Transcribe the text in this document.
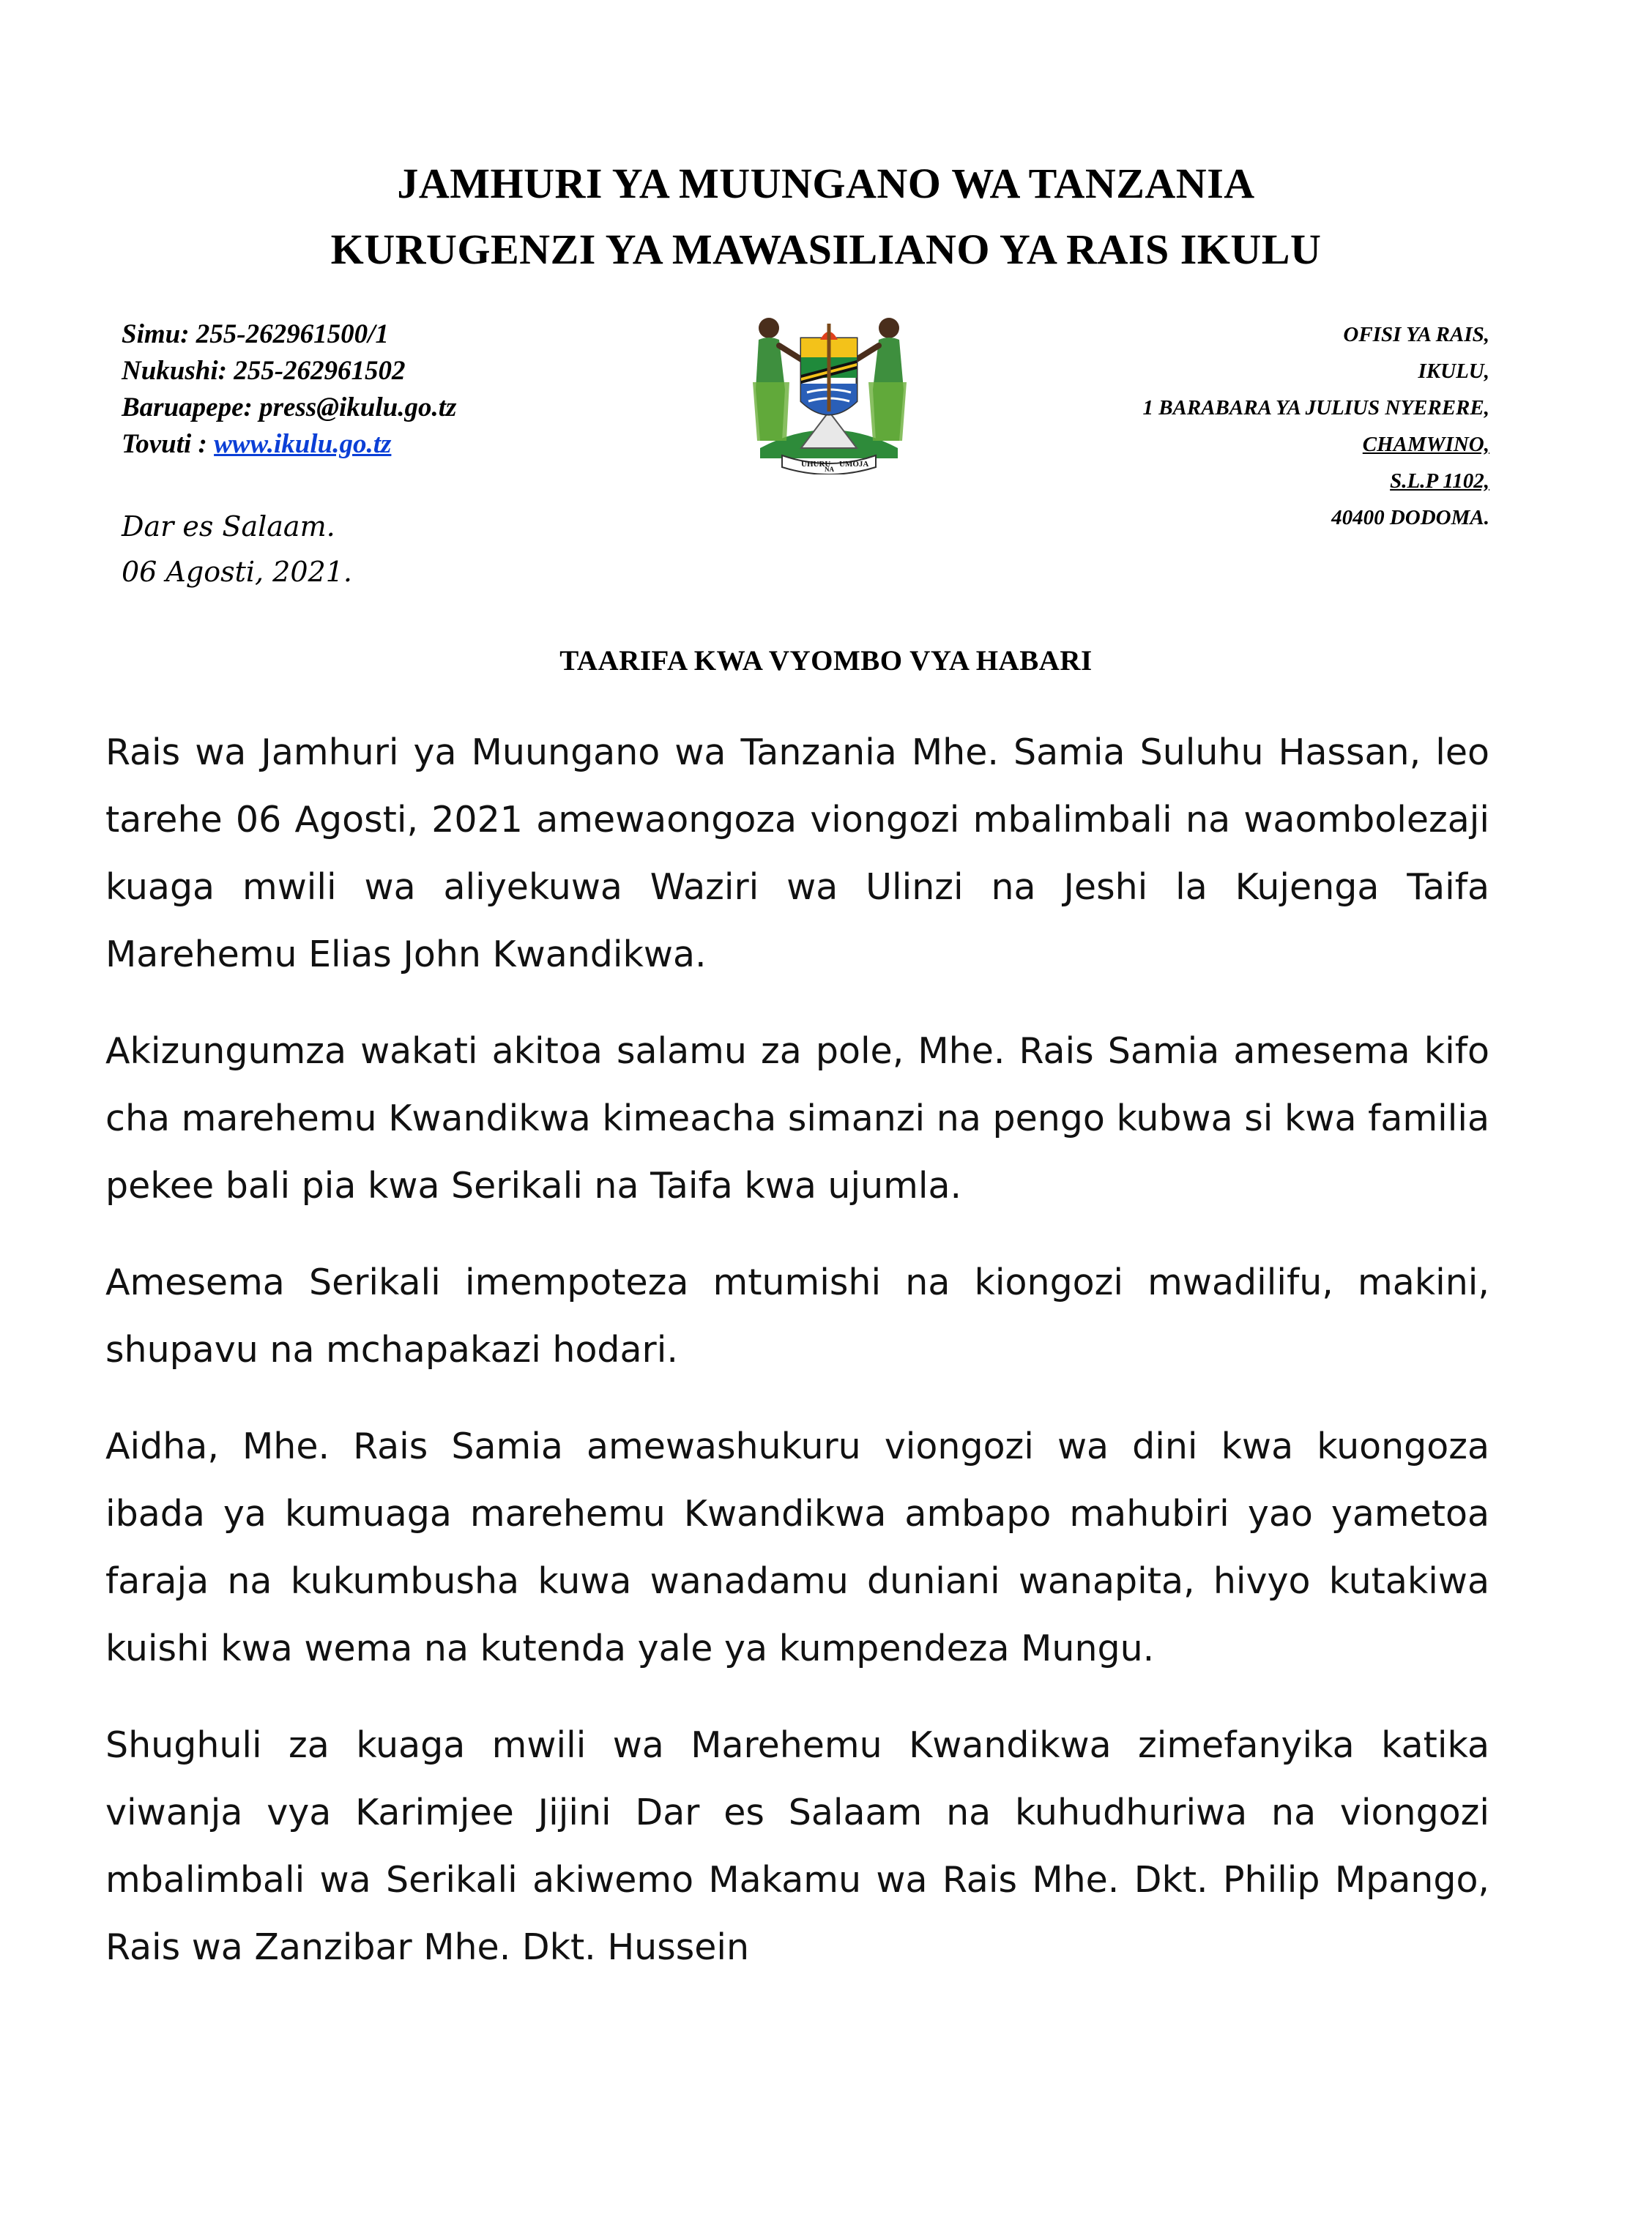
JAMHURI YA MUUNGANO WA TANZANIA
KURUGENZI YA MAWASILIANO YA RAIS IKULU
Simu: 255-262961500/1
Nukushi: 255-262961502
Baruapepe: press@ikulu.go.tz
Tovuti : www.ikulu.go.tz
UHURU
NA
UMOJA
OFISI YA RAIS,
IKULU,
1 BARABARA YA JULIUS NYERERE,
CHAMWINO,
S.L.P 1102,
40400 DODOMA.
Dar es Salaam.
06 Agosti, 2021.
TAARIFA KWA VYOMBO VYA HABARI

Rais wa Jamhuri ya Muungano wa Tanzania Mhe. Samia Suluhu Hassan, leo tarehe 06 Agosti, 2021 amewaongoza viongozi mbalimbali na waombolezaji kuaga mwili wa aliyekuwa Waziri wa Ulinzi na Jeshi la Kujenga Taifa Marehemu Elias John Kwandikwa.

Akizungumza wakati akitoa salamu za pole, Mhe. Rais Samia amesema kifo cha marehemu Kwandikwa kimeacha simanzi na pengo kubwa si kwa familia pekee bali pia kwa Serikali na Taifa kwa ujumla.

Amesema Serikali imempoteza mtumishi na kiongozi mwadilifu, makini, shupavu na mchapakazi hodari.

Aidha, Mhe. Rais Samia amewashukuru viongozi wa dini kwa kuongoza ibada ya kumuaga marehemu Kwandikwa ambapo mahubiri yao yametoa faraja na kukumbusha kuwa wanadamu duniani wanapita, hivyo kutakiwa kuishi kwa wema na kutenda yale ya kumpendeza Mungu.

Shughuli za kuaga mwili wa Marehemu Kwandikwa zimefanyika katika viwanja vya Karimjee Jijini Dar es Salaam na kuhudhuriwa na viongozi mbalimbali wa Serikali akiwemo Makamu wa Rais Mhe. Dkt. Philip Mpango, Rais wa Zanzibar Mhe. Dkt. Hussein
